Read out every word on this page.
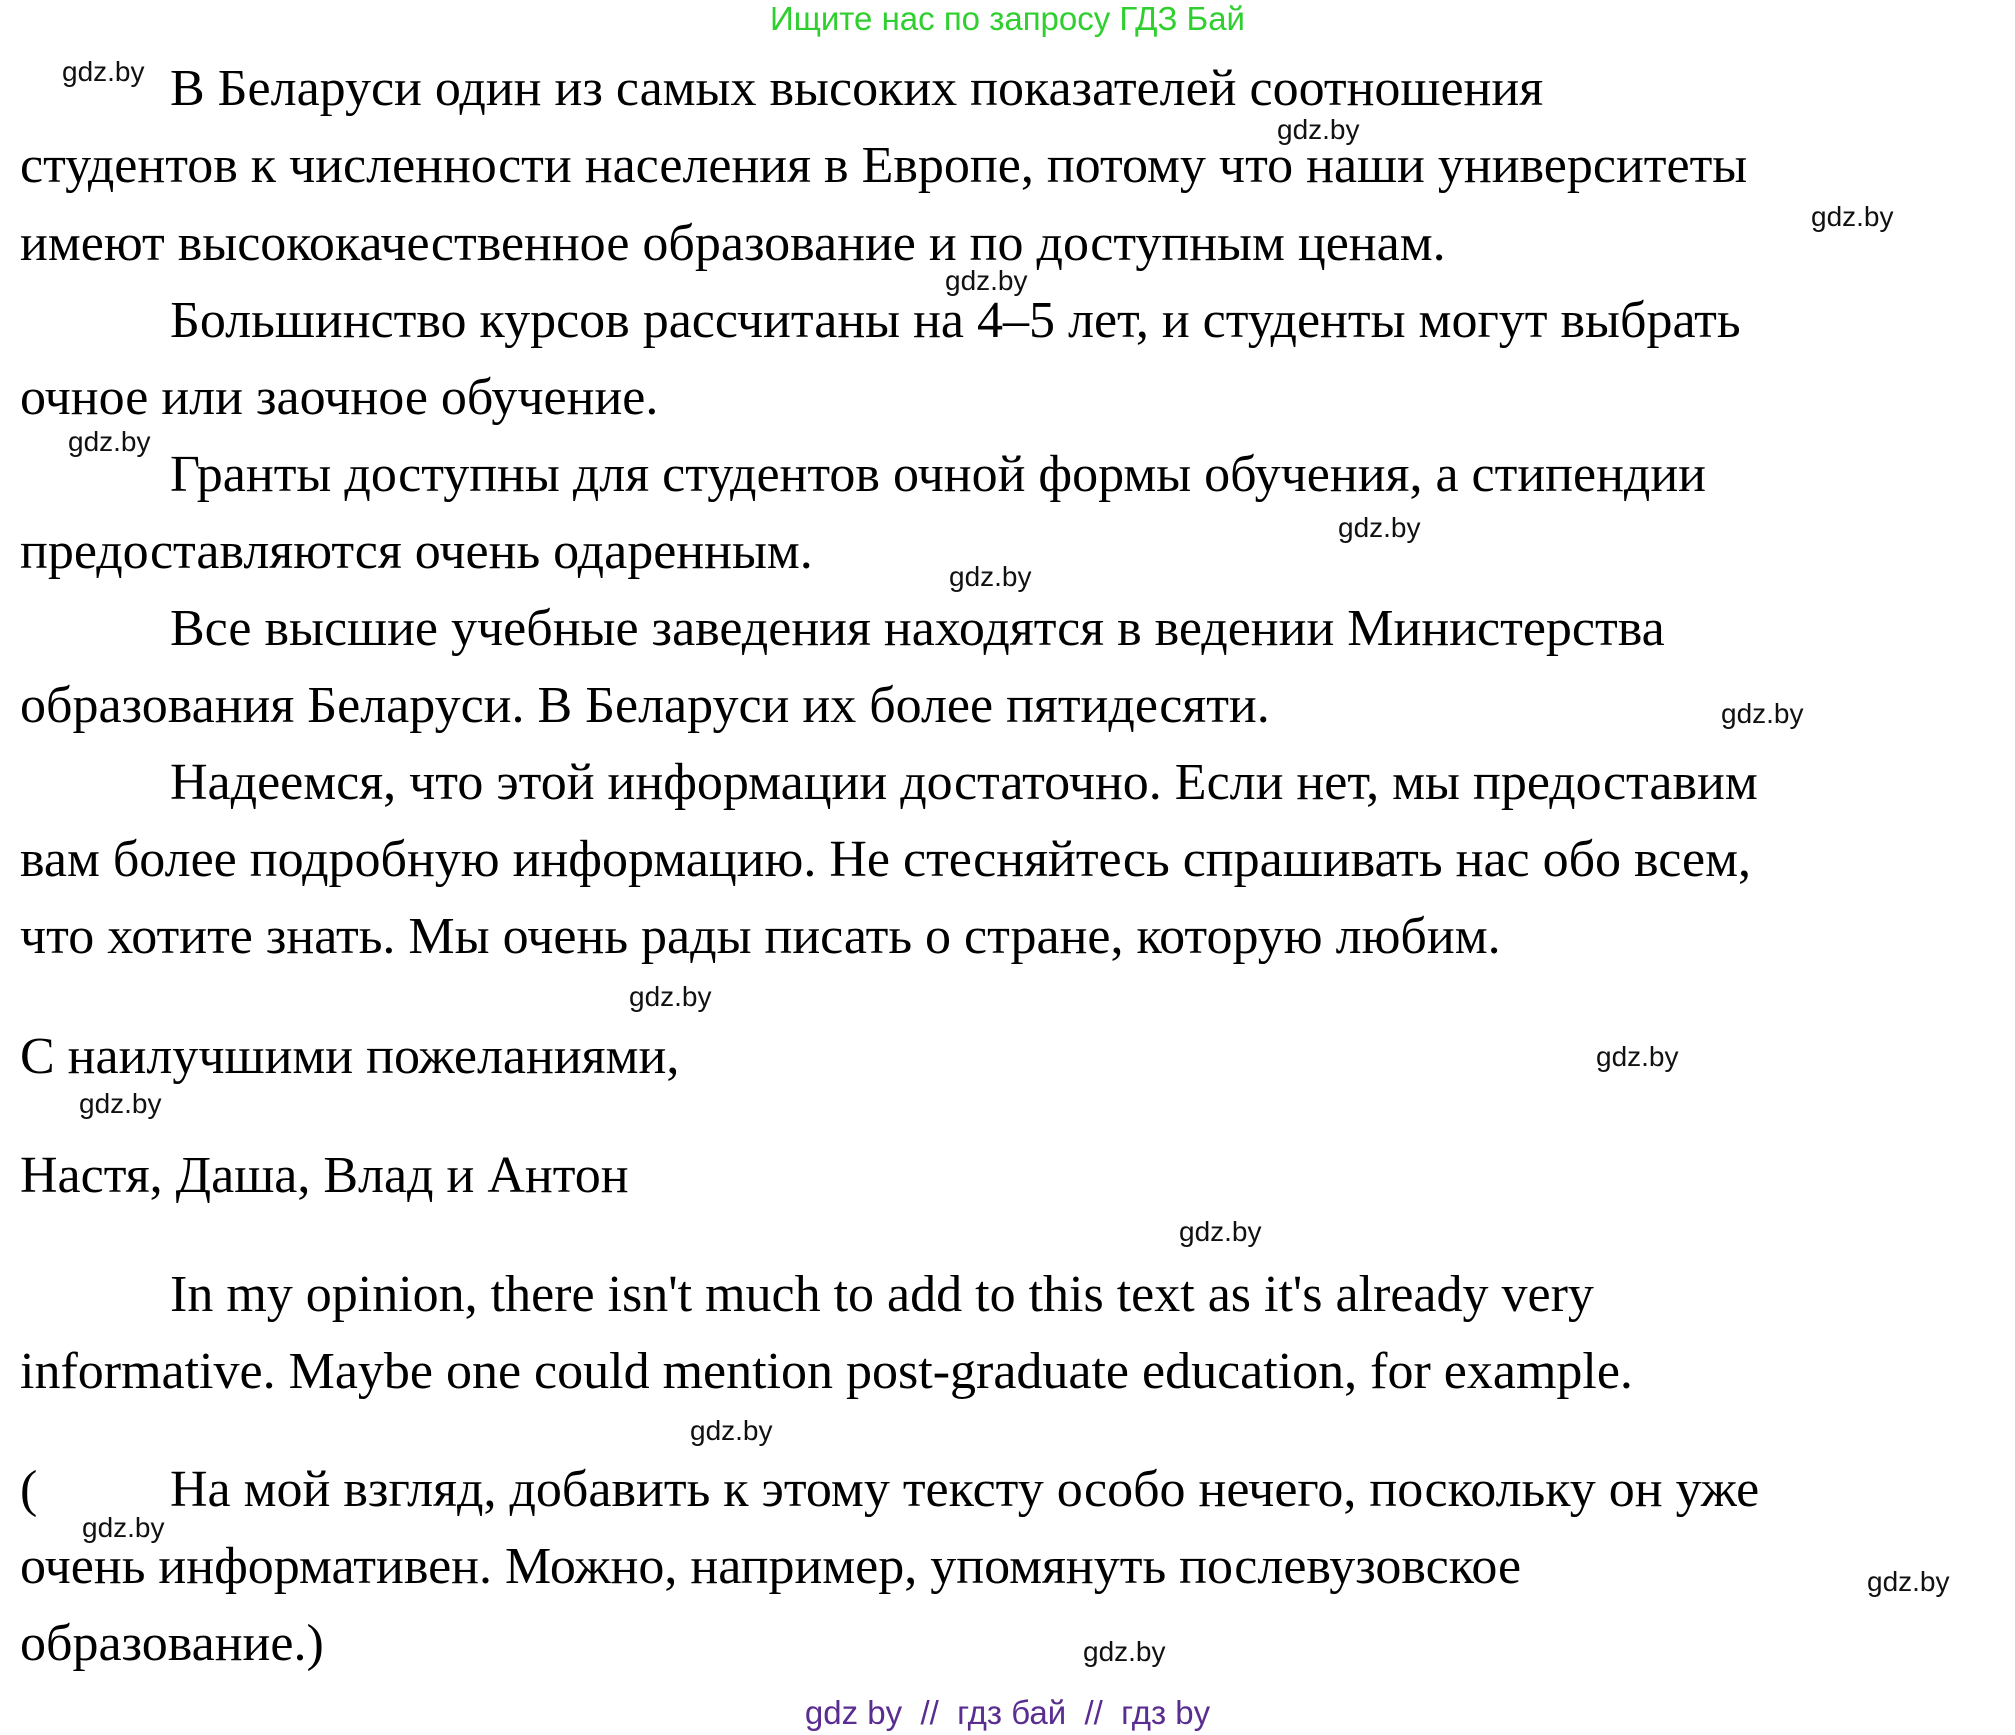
Ищите нас по запросу ГДЗ Бай
В Беларуси один из самых высоких показателей соотношения
студентов к численности населения в Европе, потому что наши университеты
имеют высококачественное образование и по доступным ценам.
Большинство курсов рассчитаны на 4–5 лет, и студенты могут выбрать
очное или заочное обучение.
Гранты доступны для студентов очной формы обучения, а стипендии
предоставляются очень одаренным.
Все высшие учебные заведения находятся в ведении Министерства
образования Беларуси. В Беларуси их более пятидесяти.
Надеемся, что этой информации достаточно. Если нет, мы предоставим
вам более подробную информацию. Не стесняйтесь спрашивать нас обо всем,
что хотите знать. Мы очень рады писать о стране, которую любим.
С наилучшими пожеланиями,
Настя, Даша, Влад и Антон
In my opinion, there isn't much to add to this text as it's already very
informative. Maybe one could mention post-graduate education, for example.
(	На мой взгляд, добавить к этому тексту особо нечего, поскольку он уже
очень информативен. Можно, например, упомянуть послевузовское
образование.)
gdz.by
gdz.by
gdz.by
gdz.by
gdz.by
gdz.by
gdz.by
gdz.by
gdz.by
gdz.by
gdz.by
gdz.by
gdz.by
gdz.by
gdz.by
gdz.by
gdz by  //  гдз бай  //  гдз by
